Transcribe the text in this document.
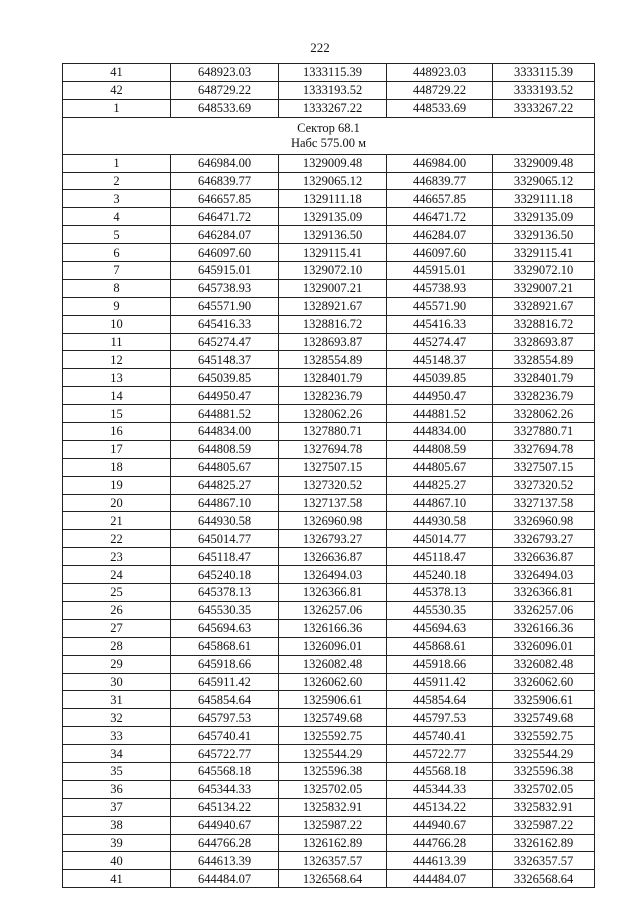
222
41	648923.03	1333115.39	448923.03	3333115.39
42	648729.22	1333193.52	448729.22	3333193.52
1	648533.69	1333267.22	448533.69	3333267.22

Сектор 68.1
Набс 575.00 м				

1	646984.00	1329009.48	446984.00	3329009.48
2	646839.77	1329065.12	446839.77	3329065.12
3	646657.85	1329111.18	446657.85	3329111.18
4	646471.72	1329135.09	446471.72	3329135.09
5	646284.07	1329136.50	446284.07	3329136.50
6	646097.60	1329115.41	446097.60	3329115.41
7	645915.01	1329072.10	445915.01	3329072.10
8	645738.93	1329007.21	445738.93	3329007.21
9	645571.90	1328921.67	445571.90	3328921.67
10	645416.33	1328816.72	445416.33	3328816.72
11	645274.47	1328693.87	445274.47	3328693.87
12	645148.37	1328554.89	445148.37	3328554.89
13	645039.85	1328401.79	445039.85	3328401.79
14	644950.47	1328236.79	444950.47	3328236.79
15	644881.52	1328062.26	444881.52	3328062.26
16	644834.00	1327880.71	444834.00	3327880.71
17	644808.59	1327694.78	444808.59	3327694.78
18	644805.67	1327507.15	444805.67	3327507.15
19	644825.27	1327320.52	444825.27	3327320.52
20	644867.10	1327137.58	444867.10	3327137.58
21	644930.58	1326960.98	444930.58	3326960.98
22	645014.77	1326793.27	445014.77	3326793.27
23	645118.47	1326636.87	445118.47	3326636.87
24	645240.18	1326494.03	445240.18	3326494.03
25	645378.13	1326366.81	445378.13	3326366.81
26	645530.35	1326257.06	445530.35	3326257.06
27	645694.63	1326166.36	445694.63	3326166.36
28	645868.61	1326096.01	445868.61	3326096.01
29	645918.66	1326082.48	445918.66	3326082.48
30	645911.42	1326062.60	445911.42	3326062.60
31	645854.64	1325906.61	445854.64	3325906.61
32	645797.53	1325749.68	445797.53	3325749.68
33	645740.41	1325592.75	445740.41	3325592.75
34	645722.77	1325544.29	445722.77	3325544.29
35	645568.18	1325596.38	445568.18	3325596.38
36	645344.33	1325702.05	445344.33	3325702.05
37	645134.22	1325832.91	445134.22	3325832.91
38	644940.67	1325987.22	444940.67	3325987.22
39	644766.28	1326162.89	444766.28	3326162.89
40	644613.39	1326357.57	444613.39	3326357.57
41	644484.07	1326568.64	444484.07	3326568.64
